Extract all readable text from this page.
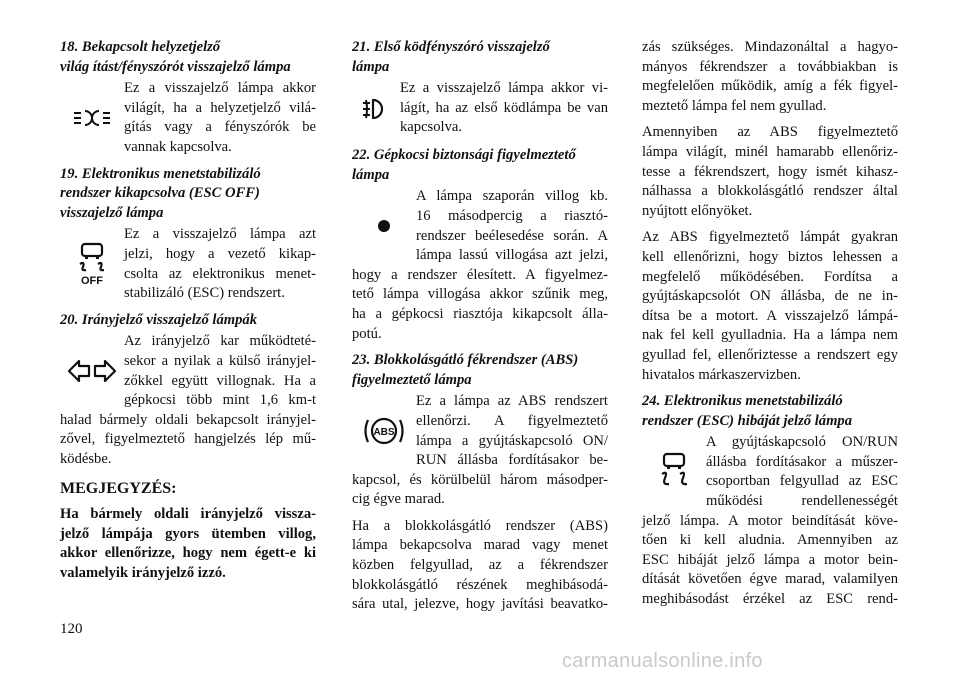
18. Bekapcsolt helyzetjelző
világ ítást/fényszórót visszajelző lámpa
Ez a visszajelző lámpa akkor
világít, ha a helyzetjelző vilá-
gítás vagy a fényszórók be
vannak kapcsolva.
19. Elektronikus menetstabilizáló
rendszer kikapcsolva (ESC OFF)
visszajelző lámpa
OFF
Ez a visszajelző lámpa azt
jelzi, hogy a vezető kikap-
csolta az elektronikus menet-
stabilizáló (ESC) rendszert.
20. Irányjelző visszajelző lámpák
Az irányjelző kar működteté-
sekor a nyilak a külső irányjel-
zőkkel együtt villognak. Ha a
gépkocsi több mint 1,6 km-t
halad bármely oldali bekapcsolt irányjel-
zővel, figyelmeztető hangjelzés lép mű-
ködésbe.
MEGJEGYZÉS:
Ha bármely oldali irányjelző vissza-
jelző lámpája gyors ütemben villog,
akkor ellenőrizze, hogy nem égett-e ki
valamelyik irányjelző izzó.
21. Első ködfényszóró visszajelző
lámpa
Ez a visszajelző lámpa akkor vi-
lágít, ha az első ködlámpa be van
kapcsolva.
22. Gépkocsi biztonsági figyelmeztető
lámpa
A lámpa szaporán villog kb.
16 másodpercig a riasztó-
rendszer beélesedése során. A
lámpa lassú villogása azt jelzi,
hogy a rendszer élesített. A figyelmez-
tető lámpa villogása akkor szűnik meg,
ha a gépkocsi riasztója kikapcsolt álla-
potú.
23. Blokkolásgátló fékrendszer (ABS)
figyelmeztető lámpa
ABS
Ez a lámpa az ABS rendszert
ellenőrzi. A figyelmeztető
lámpa a gyújtáskapcsoló ON/
RUN állásba fordításakor be-
kapcsol, és körülbelül három másodper-
cig égve marad.
Ha a blokkolásgátló rendszer (ABS)
lámpa bekapcsolva marad vagy menet
közben felgyullad, az a fékrendszer
blokkolásgátló részének meghibásodá-
sára utal, jelezve, hogy javítási beavatko-
zás szükséges. Mindazonáltal a hagyo-
mányos fékrendszer a továbbiakban is
megfelelően működik, amíg a fék figyel-
meztető lámpa fel nem gyullad.
Amennyiben az ABS figyelmeztető
lámpa világít, minél hamarabb ellenőriz-
tesse a fékrendszert, hogy ismét kihasz-
nálhassa a blokkolásgátló rendszer által
nyújtott előnyöket.
Az ABS figyelmeztető lámpát gyakran
kell ellenőrizni, hogy biztos lehessen a
megfelelő működésében. Fordítsa a
gyújtáskapcsolót ON állásba, de ne in-
dítsa be a motort. A visszajelző lámpá-
nak fel kell gyulladnia. Ha a lámpa nem
gyullad fel, ellenőriztesse a rendszert egy
hivatalos márkaszervizben.
24. Elektronikus menetstabilizáló
rendszer (ESC) hibáját jelző lámpa
A gyújtáskapcsoló ON/RUN
állásba fordításakor a műszer-
csoportban felgyullad az ESC
működési rendellenességét
jelző lámpa. A motor beindítását köve-
tően ki kell aludnia. Amennyiben az
ESC hibáját jelző lámpa a motor bein-
dítását követően égve marad, valamilyen
meghibásodást érzékel az ESC rend-
120
carmanualsonline.info
